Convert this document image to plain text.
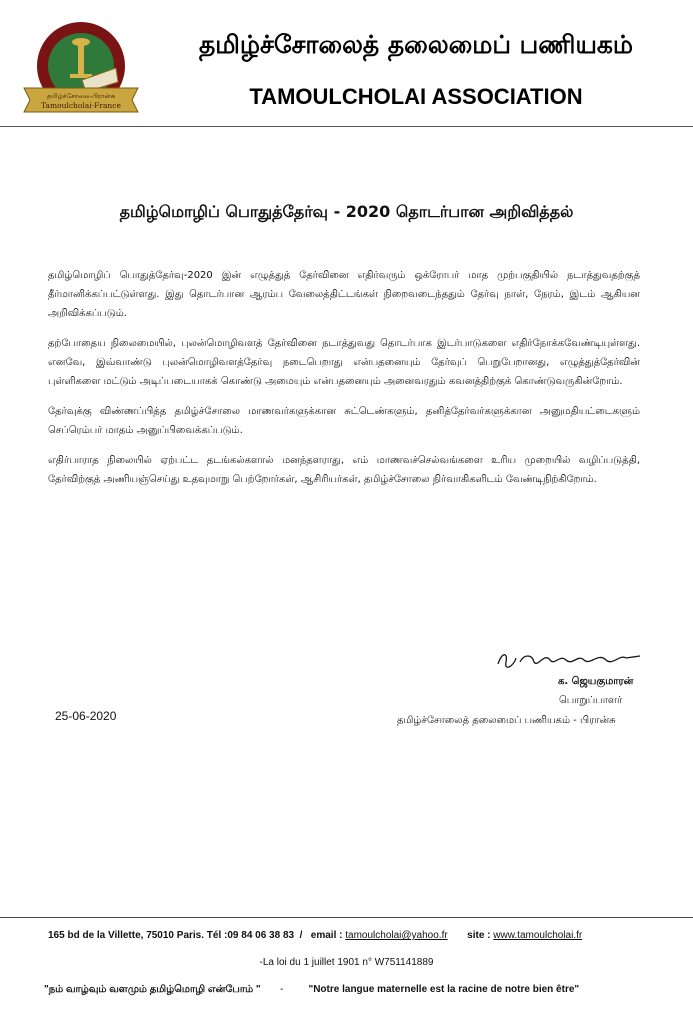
தமிழ்ச்சோலை-பிரான்சு
Tamoulcholai-France
தமிழ்ச்சோலைத் தலைமைப் பணியகம்
TAMOULCHOLAI ASSOCIATION
தமிழ்மொழிப் பொதுத்தேர்வு - 2020 தொடர்பான அறிவித்தல்

தமிழ்மொழிப் பொதுத்தேர்வு-2020 இன் எழுத்துத் தேர்வினை எதிர்வரும் ஒக்ரோபர் மாத முற்பகுதியில் நடாத்துவதற்குத் தீர்மானிக்கப்பட்டுள்ளது. இது தொடர்பான ஆரம்ப வேலைத்திட்டங்கள் நிறைவடைந்ததும் தேர்வு நாள், நேரம், இடம் ஆகியன அறிவிக்கப்படும்.

தற்போதைய நிலைமையில், புலன்மொழிவளத் தேர்வினை நடாத்துவது தொடர்பாக இடர்பாடுகளை எதிர்நோக்கவேண்டியுள்ளது. எனவே, இவ்வாண்டு புலன்மொழிவளத்தேர்வு நடைபெறாது என்பதனையும் தேர்வுப் பெறுபேறானது, எழுத்துத்தேர்வின் புள்ளிகளை மட்டும் அடிப்படையாகக் கொண்டு அமையும் என்பதனையும் அனைவரதும் கவனத்திற்குக் கொண்டுவருகின்றோம்.

தேர்வுக்கு விண்ணப்பித்த தமிழ்ச்சோலை மாணவர்களுக்கான சுட்டெண்களும், தனித்தேர்வர்களுக்கான அனுமதியட்டைகளும் செப்ரெம்பர் மாதம் அனுப்பிவைக்கப்படும்.

எதிர்பாராத நிலையில் ஏற்பட்ட தடங்கல்களால் மனந்தளராது, எம் மாணவச்செல்வங்களை உரிய முறையில் வழிப்படுத்தி, தேர்விற்குத் அணியஞ்செய்து உதவுமாறு பெற்றோர்கள், ஆசிரியர்கள், தமிழ்ச்சோலை நிர்வாகிகளிடம் வேண்டிநிற்கிறோம்.

க. ஜெயகுமாரன்
பொறுப்பாளர்
தமிழ்ச்சோலைத் தலைமைப் பணியகம் - பிரான்சு
25-06-2020
165 bd de la Villette, 75010 Paris. Tél :09 84 06 38 83  /   email : tamoulcholai@yahoo.fr site : www.tamoulcholai.fr
-La loi du 1 juillet 1901 n° W751141889
"நம் வாழ்வும் வளமும் தமிழ்மொழி என்போம் " -	"Notre langue maternelle est la racine de notre bien être"
